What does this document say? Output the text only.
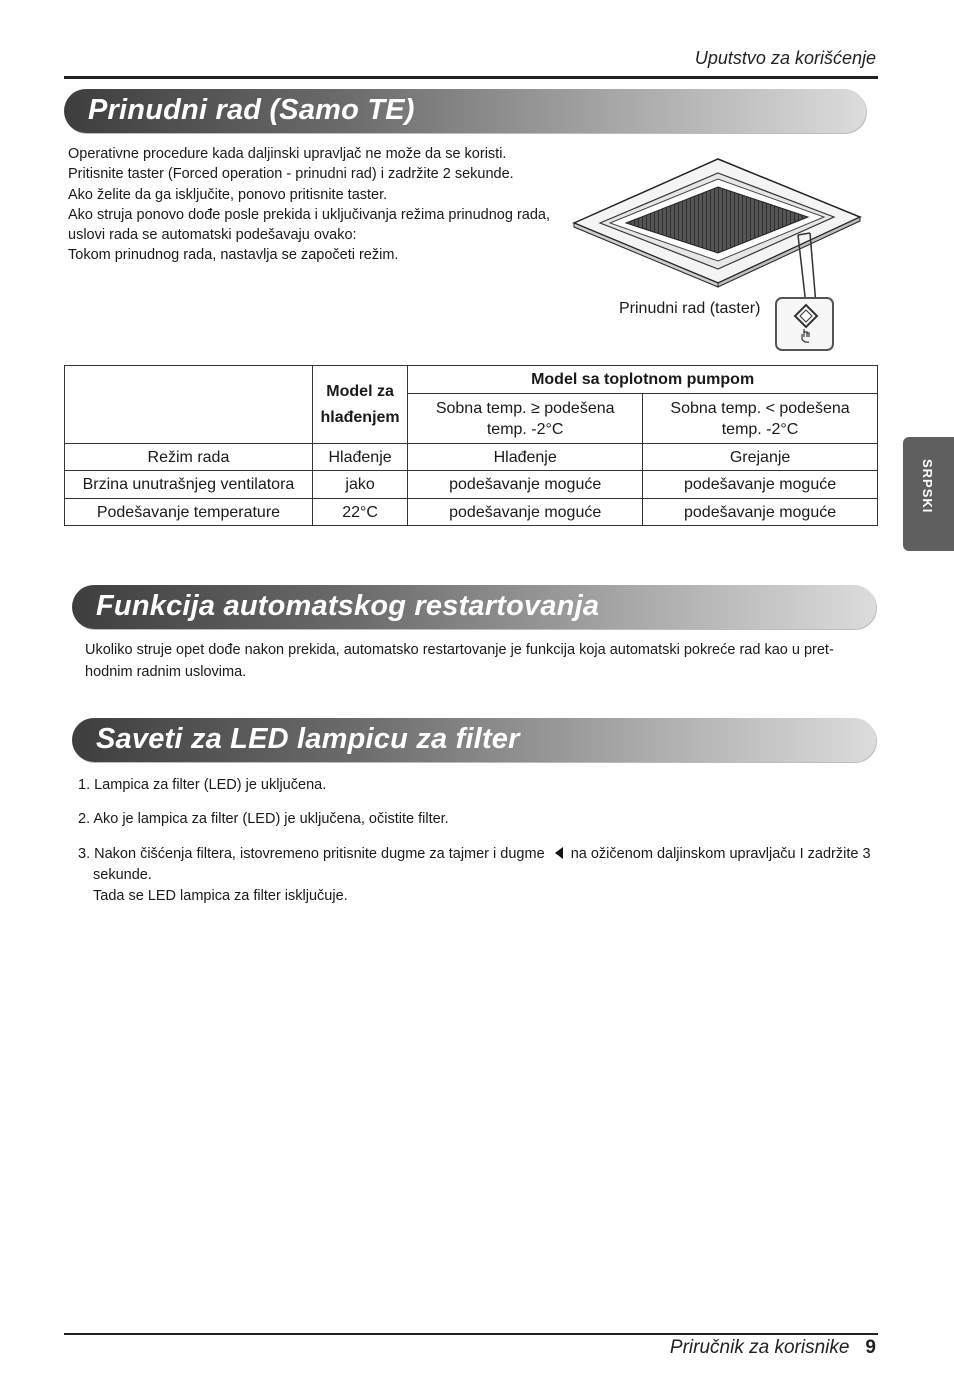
Uputstvo za korišćenje
Prinudni rad (Samo TE)
Operativne procedure kada daljinski upravljač ne može da se koristi.
Pritisnite taster (Forced operation - prinudni rad) i zadržite 2 sekunde.
Ako želite da ga isključite, ponovo pritisnite taster.
Ako struja ponovo dođe posle prekida i uključivanja režima prinudnog rada,
uslovi rada se automatski podešavaju ovako:
Tokom prinudnog rada, nastavlja se započeti režim.
Prinudni rad (taster)

	Model za hlađenjem	Model sa toplotnom pumpom	

		Sobna temp. ≥ podešena temp. -2°C	Sobna temp. < podešena temp. -2°C

Režim rada	Hlađenje	Hlađenje	Grejanje
Brzina unutrašnjeg ventilatora	jako	podešavanje moguće	podešavanje moguće
Podešavanje temperature	22°C	podešavanje moguće	podešavanje moguće	SRPSKI
Funkcija automatskog restartovanja
Ukoliko struje opet dođe nakon prekida, automatsko restartovanje je funkcija koja automatski pokreće rad kao u pret-
hodnim radnim uslovima.
Saveti za LED lampicu za filter
1. Lampica za filter (LED) je uključena.
2. Ako je lampica za filter (LED) je uključena, očistite filter.
3. Nakon čišćenja filtera, istovremeno pritisnite dugme za tajmer i dugme na ožičenom daljinskom upravljaču I zadržite 3
sekunde.
Tada se LED lampica za filter isključuje.
Priručnik za korisnike 9
